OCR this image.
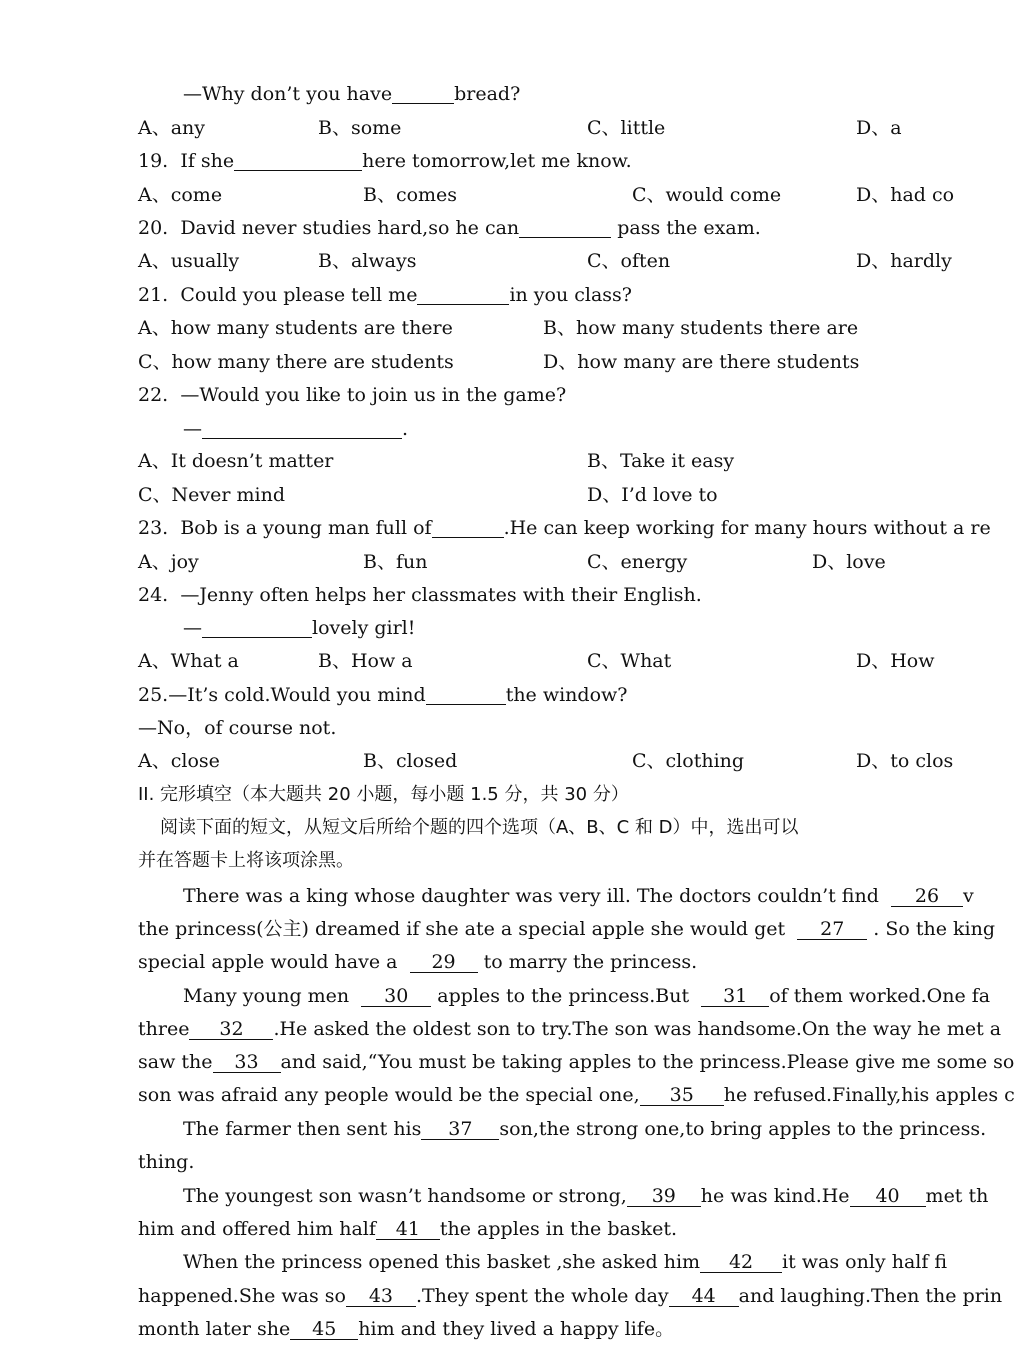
—Why don’t you have	bread?
A、any	B、some	C、little	D、a
19. If she	here tomorrow,let me know.
A、come	B、comes	C、would come	D、had co
20. David never studies hard,so he can	pass the exam.
A、usually	B、always	C、often	D、hardly
21. Could you please tell me	in you class?
A、how many students are there	B、how many students there are
C、how many there are students	D、how many are there students
22. —Would you like to join us in the game?
—	.
A、It doesn’t matter	B、Take it easy
C、Never mind	D、I’d love to
23. Bob is a young man full of	.He can keep working for many hours without a re
A、joy	B、fun	C、energy	D、love
24. —Jenny often helps her classmates with their English.
—	lovely girl!
A、What a	B、How a	C、What	D、How
25.—It’s cold.Would you mind	the window?
—No，of course not.
A、close	B、closed	C、clothing	D、to clos
II. 完形填空（本大题共 20 小题，每小题 1.5 分，共 30 分）
阅读下面的短文，从短文后所给个题的四个选项（A、B、C 和 D）中，选出可以
并在答题卡上将该项涂黑。
There was a king whose daughter was very ill. The doctors couldn’t find 26 v
the princess(公主) dreamed if she ate a special apple she would get 27 . So the king
special apple would have a 29 to marry the princess.
Many young men 30 apples to the princess.But 31 of them worked.One fa
three 32 .He asked the oldest son to try.The son was handsome.On the way he met a
saw the 33 and said,“You must be taking apples to the princess.Please give me some so
son was afraid any people would be the special one, 35 he refused.Finally,his apples c
The farmer then sent his 37 son,the strong one,to bring apples to the princess.
thing.
The youngest son wasn’t handsome or strong, 39 he was kind.He 40 met th
him and offered him half 41 the apples in the basket.
When the princess opened this basket ,she asked him 42 it was only half fi
happened.She was so 43 .They spent the whole day 44 and laughing.Then the prin
month later she 45 him and they lived a happy life。
